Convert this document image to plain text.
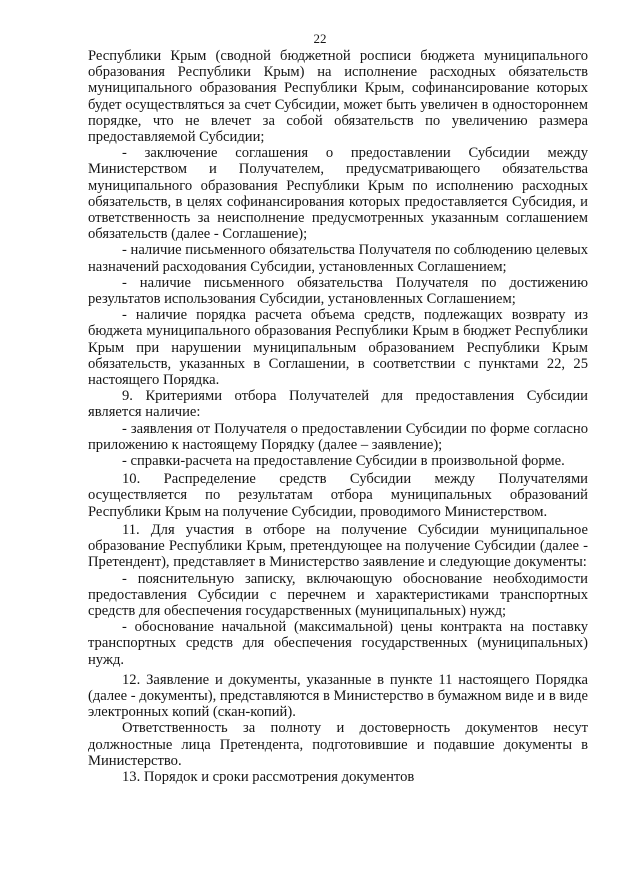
22

Республики Крым (сводной бюджетной росписи бюджета муниципального образования Республики Крым) на исполнение расходных обязательств муниципального образования Республики Крым, софинансирование которых будет осуществляться за счет Субсидии, может быть увеличен в одностороннем порядке, что не влечет за собой обязательств по увеличению размера предоставляемой Субсидии;

- заключение соглашения о предоставлении Субсидии между Министерством и Получателем, предусматривающего обязательства муниципального образования Республики Крым по исполнению расходных обязательств, в целях софинансирования которых предоставляется Субсидия, и ответственность за неисполнение предусмотренных указанным соглашением обязательств (далее - Соглашение);

- наличие письменного обязательства Получателя по соблюдению целевых назначений расходования Субсидии, установленных Соглашением;

- наличие письменного обязательства Получателя по достижению результатов использования Субсидии, установленных Соглашением;

- наличие порядка расчета объема средств, подлежащих возврату из бюджета муниципального образования Республики Крым в бюджет Республики Крым при нарушении муниципальным образованием Республики Крым обязательств, указанных в Соглашении, в соответствии с пунктами 22, 25 настоящего Порядка.

9. Критериями отбора Получателей для предоставления Субсидии является наличие:

- заявления от Получателя о предоставлении Субсидии по форме согласно приложению к настоящему Порядку (далее – заявление);

- справки-расчета на предоставление Субсидии в произвольной форме.

10. Распределение средств Субсидии между Получателями осуществляется по результатам отбора муниципальных образований Республики Крым на получение Субсидии, проводимого Министерством.

11. Для участия в отборе на получение Субсидии муниципальное образование Республики Крым, претендующее на получение Субсидии (далее - Претендент), представляет в Министерство заявление и следующие документы:

- пояснительную записку, включающую обоснование необходимости предоставления Субсидии с перечнем и характеристиками транспортных средств для обеспечения государственных (муниципальных) нужд;

- обоснование начальной (максимальной) цены контракта на поставку транспортных средств для обеспечения государственных (муниципальных) нужд.

12. Заявление и документы, указанные в пункте 11 настоящего Порядка (далее - документы), представляются в Министерство в бумажном виде и в виде электронных копий (скан-копий).

Ответственность за полноту и достоверность документов несут должностные лица Претендента, подготовившие и подавшие документы в Министерство.

13. Порядок и сроки рассмотрения документов
